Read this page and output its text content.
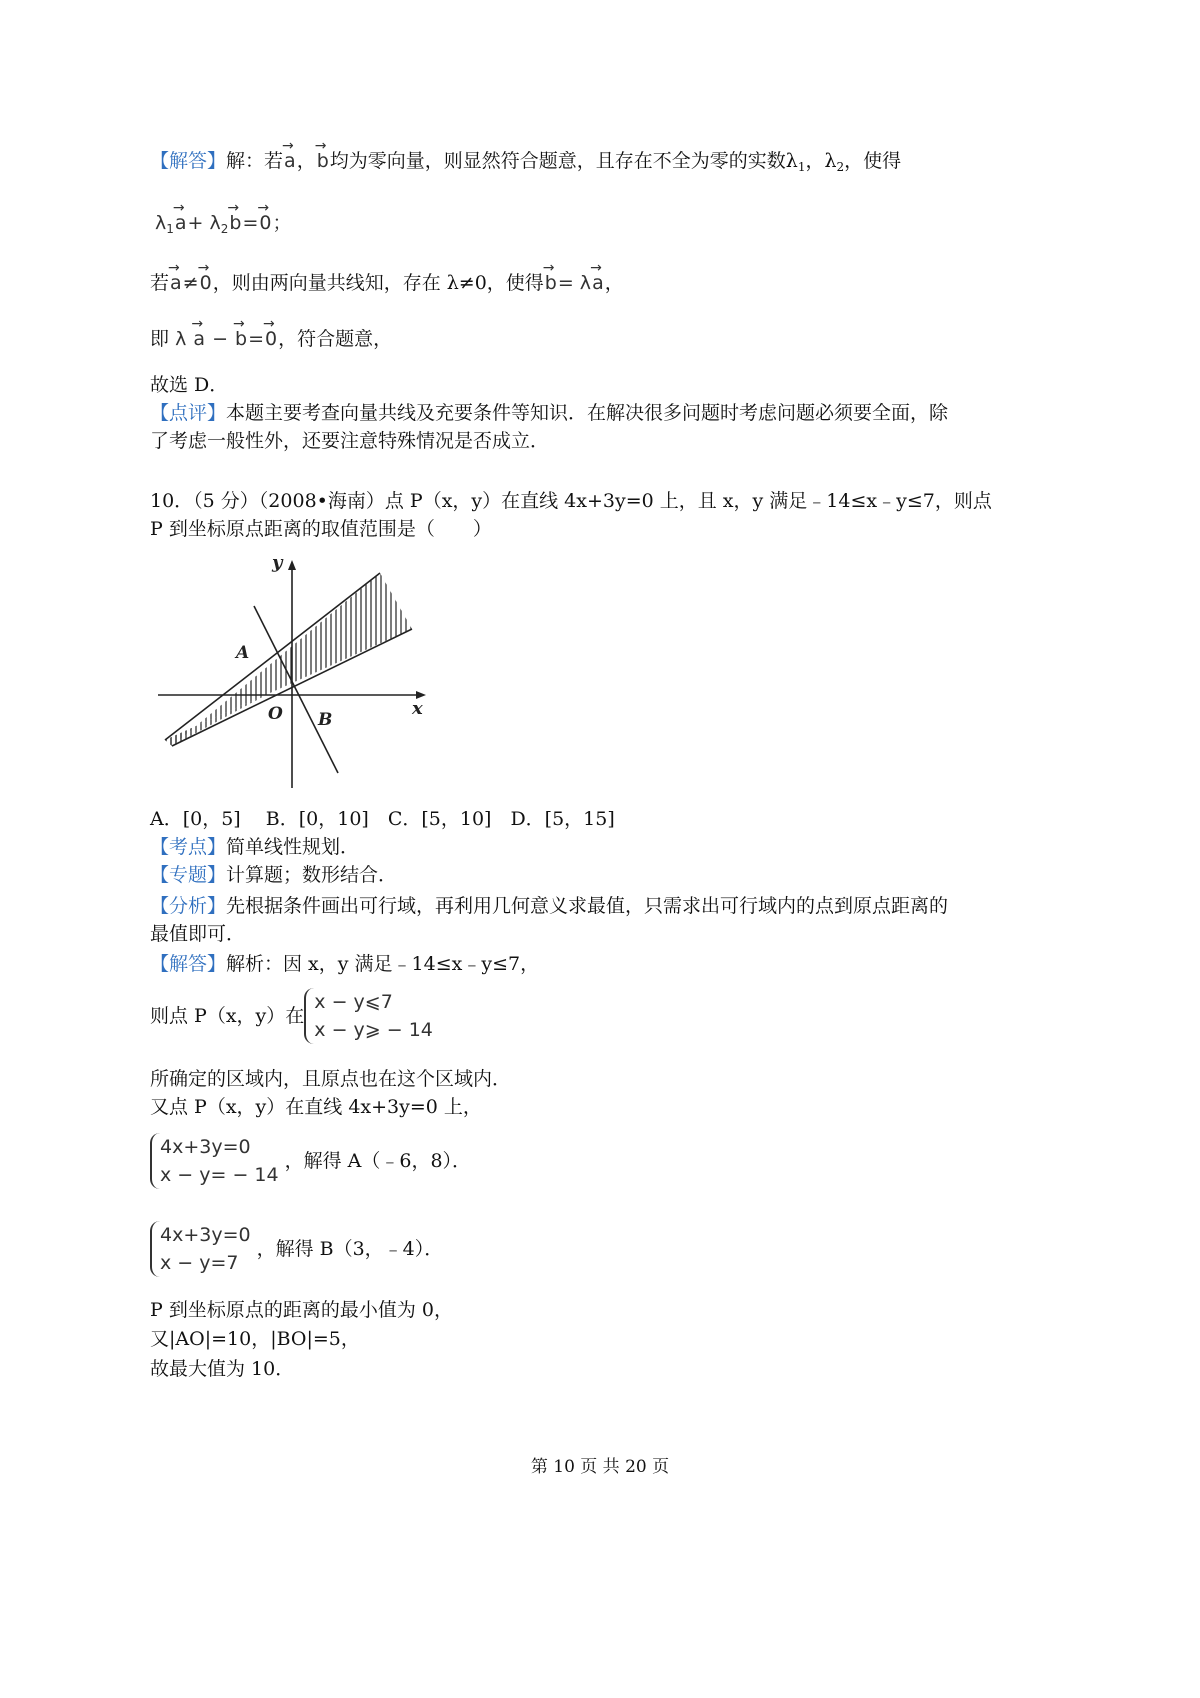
【解答】解：若→ a，→ b均为零向量，则显然符合题意，且存在不全为零的实数$\lambda_1$，$\lambda_2$，使得
$\lambda_1\to a+ \lambda_2\to b=\to 0$；
若→ a≠→ 0，则由两向量共线知，存在 λ≠0，使得→ b= λ→ a，
即 λ → a − → b=→ 0，符合题意，
故选 D．
【点评】本题主要考查向量共线及充要条件等知识．在解决很多问题时考虑问题必须要全面，除
了考虑一般性外，还要注意特殊情况是否成立．
10．（5 分）（2008•海南）点 P（x，y）在直线 4x+3y=0 上，且 x，y 满足﹣14≤x﹣y≤7，则点
P 到坐标原点距离的取值范围是（　　）
x
y
A
O B
A．[0，5]　 B．[0，10]　C．[5，10]　D．[5，15]
【考点】简单线性规划．
【专题】计算题；数形结合．
【分析】先根据条件画出可行域，再利用几何意义求最值，只需求出可行域内的点到原点距离的
最值即可．
【解答】解析：因 x，y 满足﹣14≤x﹣y≤7，
则点 P（x，y）在
x − y⩽7
x − y⩾ − 14
所确定的区域内，且原点也在这个区域内．
又点 P（x，y）在直线 4x+3y=0 上，
4x+3y=0
x − y= − 14
，解得 A（﹣6，8）．
4x+3y=0
x − y=7
，解得 B（3，﹣4）．
P 到坐标原点的距离的最小值为 0，
又|AO|=10，|BO|=5，
故最大值为 10．
第 10 页 共 20 页
